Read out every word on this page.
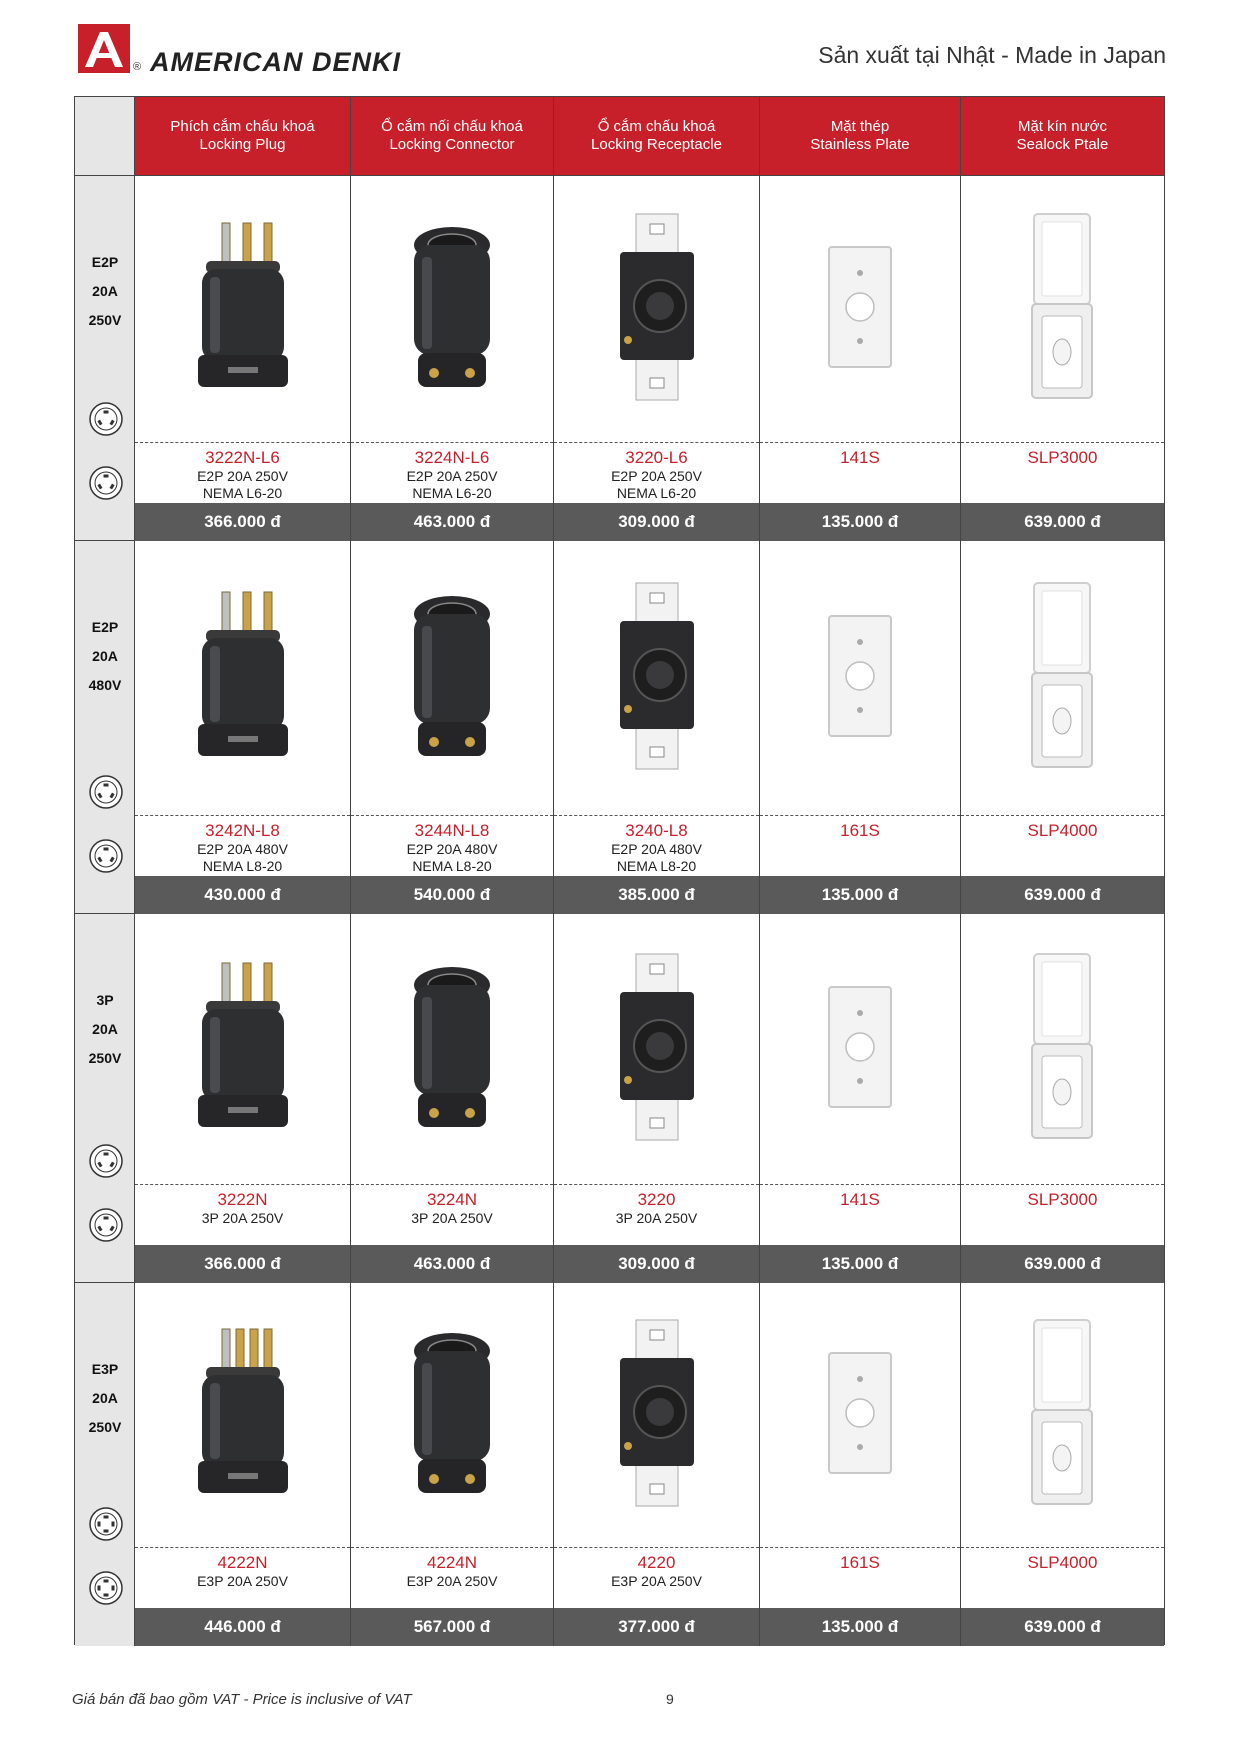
® AMERICAN DENKI	Sản xuất tại Nhật - Made in Japan
Phích cắm chấu khoá
Locking Plug
Ổ cắm nối chấu khoá
Locking Connector
Ổ cắm chấu khoá
Locking Receptacle
Mặt thép
Stainless Plate
Mặt kín nước
Sealock Ptale
E2P
20A
250V
3222N-L6
E2P 20A 250V
NEMA L6-20
366.000 đ
3224N-L6
E2P 20A 250V
NEMA L6-20
463.000 đ
3220-L6
E2P 20A 250V
NEMA L6-20
309.000 đ
141S
135.000 đ
SLP3000
639.000 đ
E2P
20A
480V
3242N-L8
E2P 20A 480V
NEMA L8-20
430.000 đ
3244N-L8
E2P 20A 480V
NEMA L8-20
540.000 đ
3240-L8
E2P 20A 480V
NEMA L8-20
385.000 đ
161S
135.000 đ
SLP4000
639.000 đ
3P
20A
250V
3222N
3P 20A 250V
366.000 đ
3224N
3P 20A 250V
463.000 đ
3220
3P 20A 250V
309.000 đ
141S
135.000 đ
SLP3000
639.000 đ
E3P
20A
250V
4222N
E3P 20A 250V
446.000 đ
4224N
E3P 20A 250V
567.000 đ
4220
E3P 20A 250V
377.000 đ
161S
135.000 đ
SLP4000
639.000 đ
Giá bán đã bao gồm VAT - Price is inclusive of VAT	9
